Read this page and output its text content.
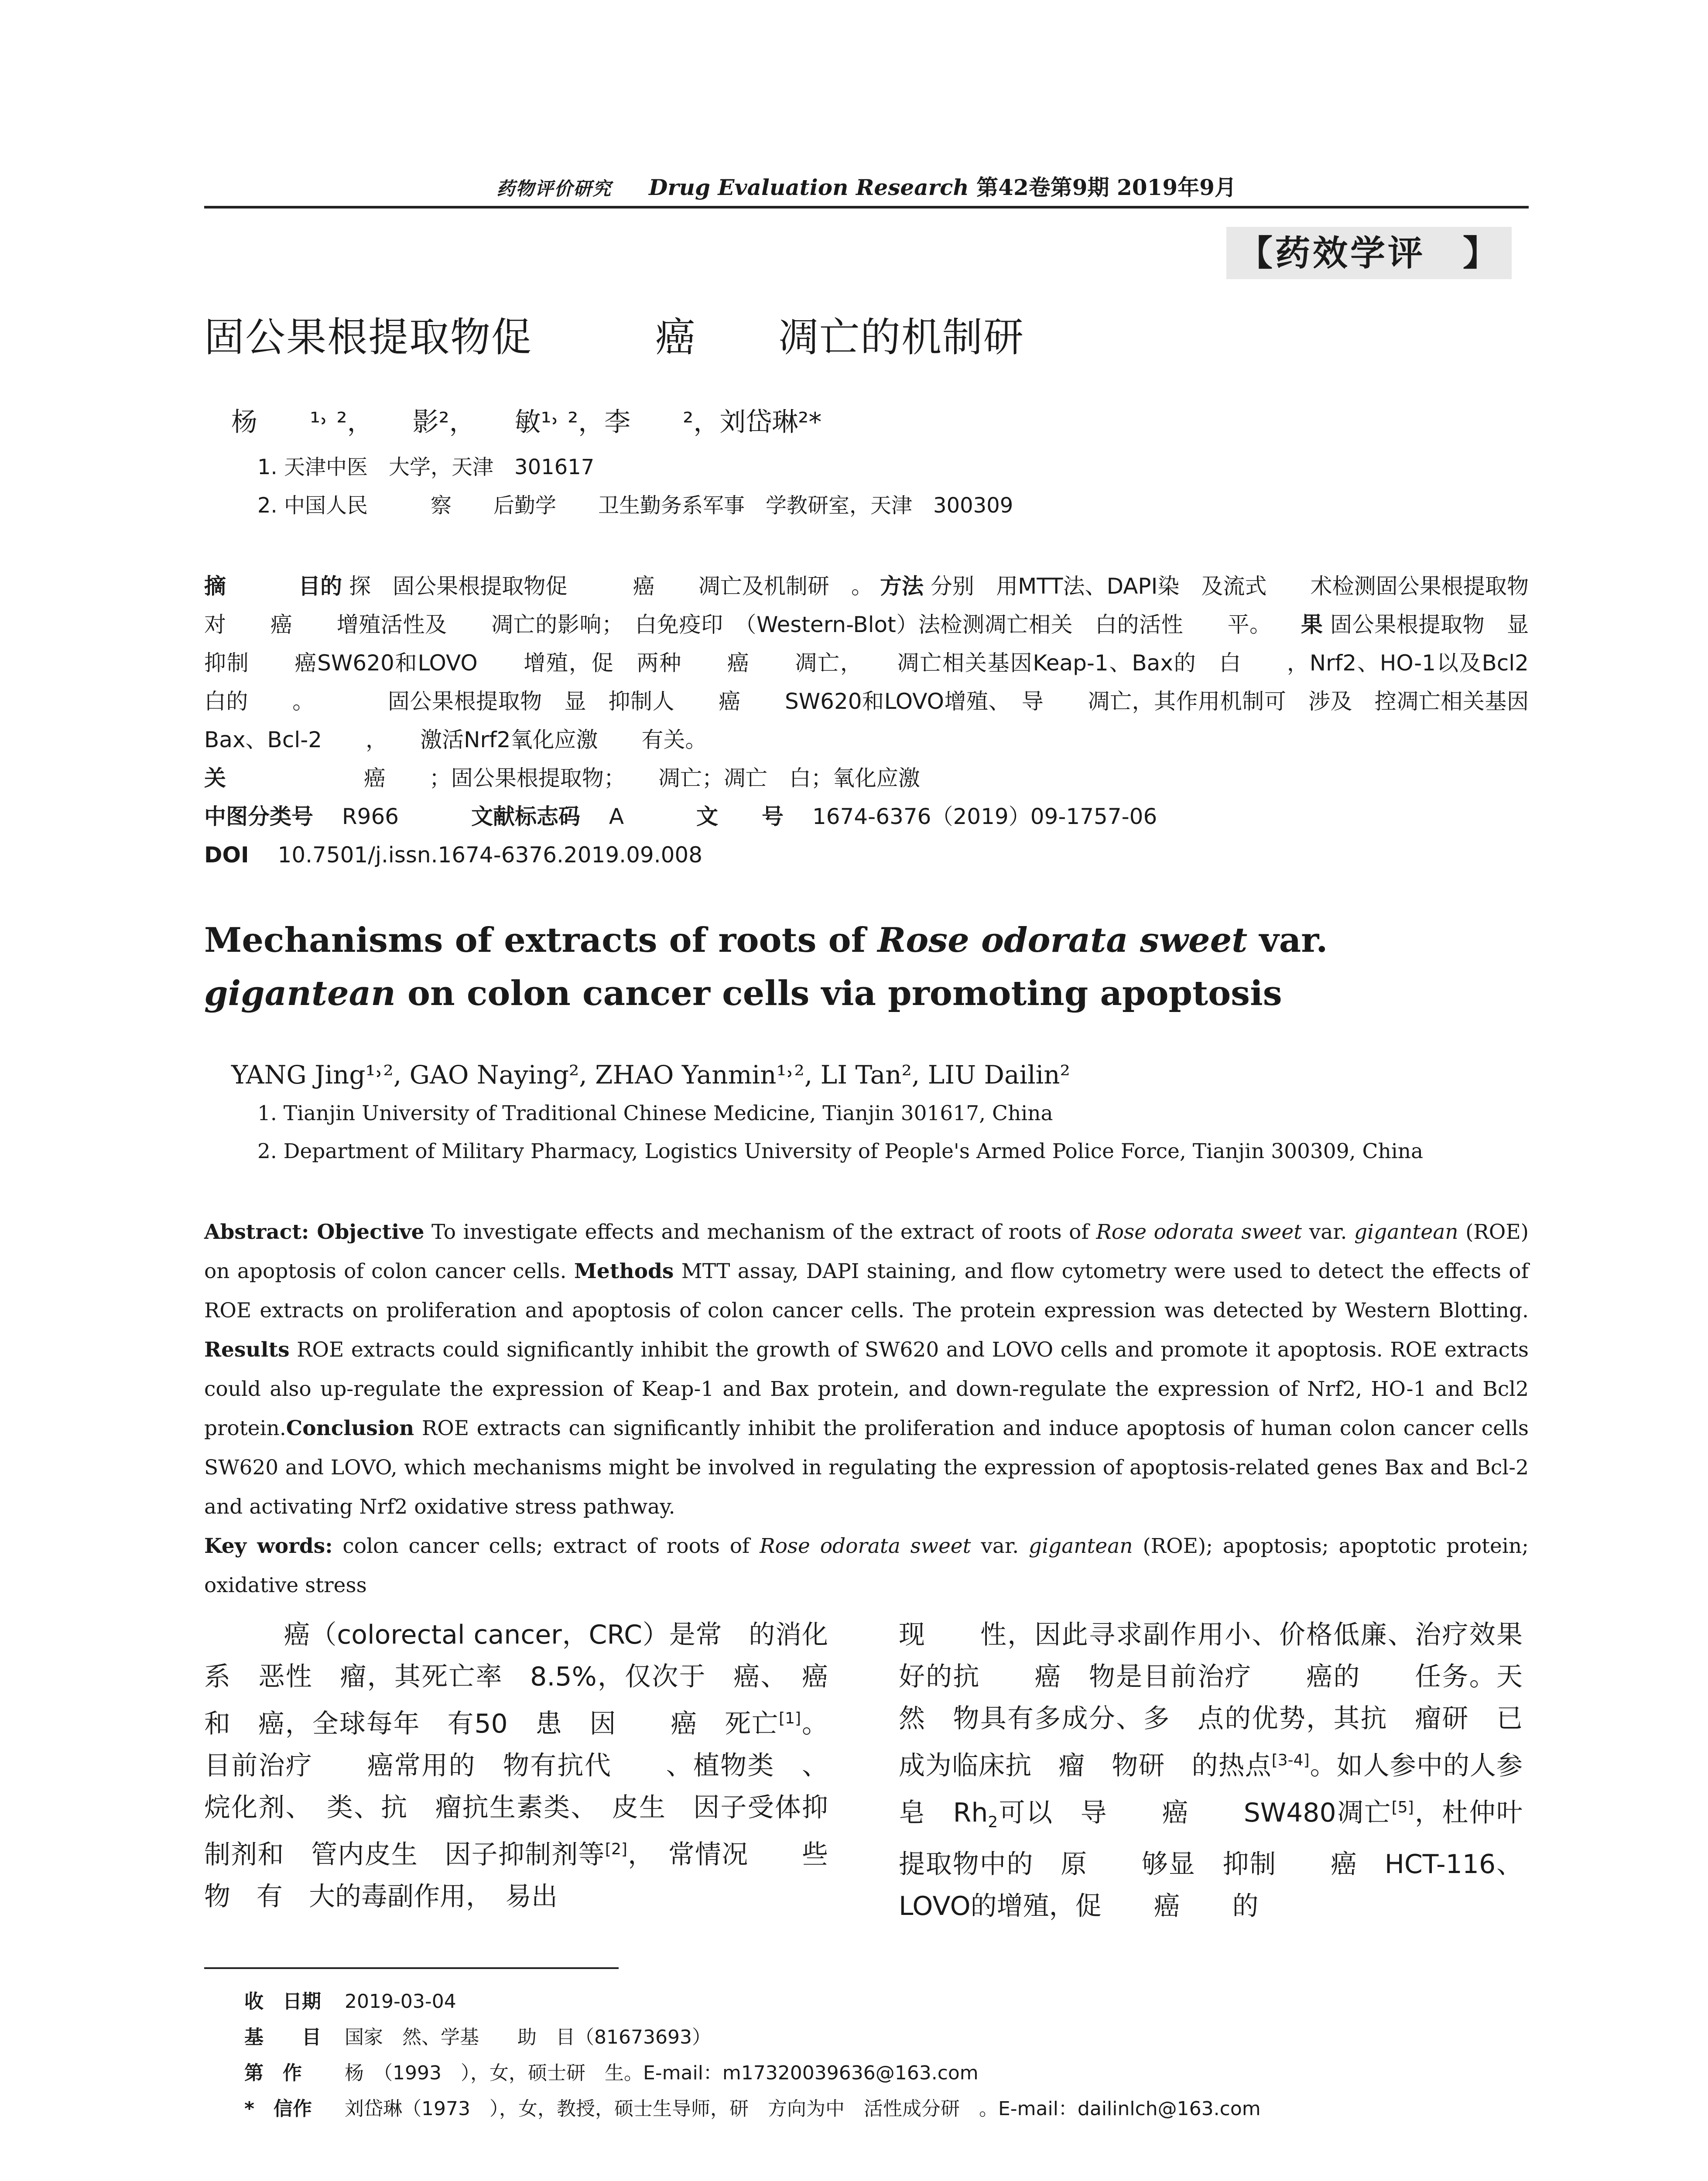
药物评价研究 　 Drug Evaluation Research 第42卷第9期 2019年9月
【药效学评　】
固公果根提取物促　　　癌　　凋亡的机制研
杨　　¹˒ ²，　　影²，　　敏¹˒ ²，李　　²，刘岱琳²*
1. 天津中医　大学，天津　301617
2. 中国人民　　　察　　后勤学　　卫生勤务系军事　学教研室，天津　300309

摘　　　 目的 探　固公果根提取物促　　　癌　　凋亡及机制研　。 方法 分别　用MTT法、DAPI染　及流式　　术检测固公果根提取物对　　癌　　增殖活性及　　凋亡的影响；　白免疫印　（Western-Blot）法检测凋亡相关　白的活性　　平。 　果 固公果根提取物　显　抑制　　癌SW620和LOVO　　增殖，促　两种　　癌　　凋亡，　　凋亡相关基因Keap-1、Bax的　白　　，Nrf2、HO-1以及Bcl2　白的　　。 　　　固公果根提取物　显　抑制人　　癌　　SW620和LOVO增殖、　导　　凋亡，其作用机制可　涉及　控凋亡相关基因Bax、Bcl-2　　，　　激活Nrf2氧化应激　　有关。

关　　　　 　　癌　　；固公果根提取物；　　凋亡；凋亡　白；氧化应激

中图分类号　 R966　　　	文献标志码　 A　　　	文　　号　 1674-6376（2019）09-1757-06

DOI　 10.7501/j.issn.1674-6376.2019.09.008

Mechanisms of extracts of roots of Rose odorata sweet var. gigantean on colon cancer cells via promoting apoptosis
YANG Jing¹˒², GAO Naying², ZHAO Yanmin¹˒², LI Tan², LIU Dailin²
1. Tianjin University of Traditional Chinese Medicine, Tianjin 301617, China
2. Department of Military Pharmacy, Logistics University of People's Armed Police Force, Tianjin 300309, China

Abstract: Objective To investigate effects and mechanism of the extract of roots of Rose odorata sweet var. gigantean (ROE) on apoptosis of colon cancer cells. Methods MTT assay, DAPI staining, and flow cytometry were used to detect the effects of ROE extracts on proliferation and apoptosis of colon cancer cells. The protein expression was detected by Western Blotting. Results ROE extracts could significantly inhibit the growth of SW620 and LOVO cells and promote it apoptosis. ROE extracts could also up-regulate the expression of Keap-1 and Bax protein, and down-regulate the expression of Nrf2, HO-1 and Bcl2 protein.Conclusion ROE extracts can significantly inhibit the proliferation and induce apoptosis of human colon cancer cells SW620 and LOVO, which mechanisms might be involved in regulating the expression of apoptosis-related genes Bax and Bcl-2 and activating Nrf2 oxidative stress pathway.

Key words: colon cancer cells; extract of roots of Rose odorata sweet var. gigantean (ROE); apoptosis; apoptotic protein; oxidative stress

　　　癌（colorectal cancer，CRC）是常　的消化系　恶性　瘤，其死亡率　8.5%，仅次于　癌、　癌和　癌，全球每年　有50　患　因　　癌　死亡[1]。目前治疗　　癌常用的　物有抗代　　、植物类　、烷化剂、　类、抗　瘤抗生素类、　皮生　因子受体抑制剂和　管内皮生　因子抑制剂等[2]，　常情况　　些　物　有　大的毒副作用，　易出

现　　性，因此寻求副作用小、价格低廉、治疗效果好的抗　　癌　物是目前治疗　　癌的　　任务。天然　物具有多成分、多　点的优势，其抗　瘤研　已成为临床抗　瘤　物研　的热点[3-4]。如人参中的人参皂　$Rh_2$可以　导　　癌　　SW480凋亡[5]，杜仲叶提取物中的　原　　够显　抑制　　癌　HCT-116、LOVO的增殖，促　　癌　　的

收　日期 2019-03-04

基　　目 国家　然、学基　　助　目（81673693）

第　作　杨　（1993　），女，硕士研　生。E-mail：m17320039636@163.com

*　信作　刘岱琳（1973　），女，教授，硕士生导师，研　方向为中　活性成分研　。E-mail：dailinlch@163.com
